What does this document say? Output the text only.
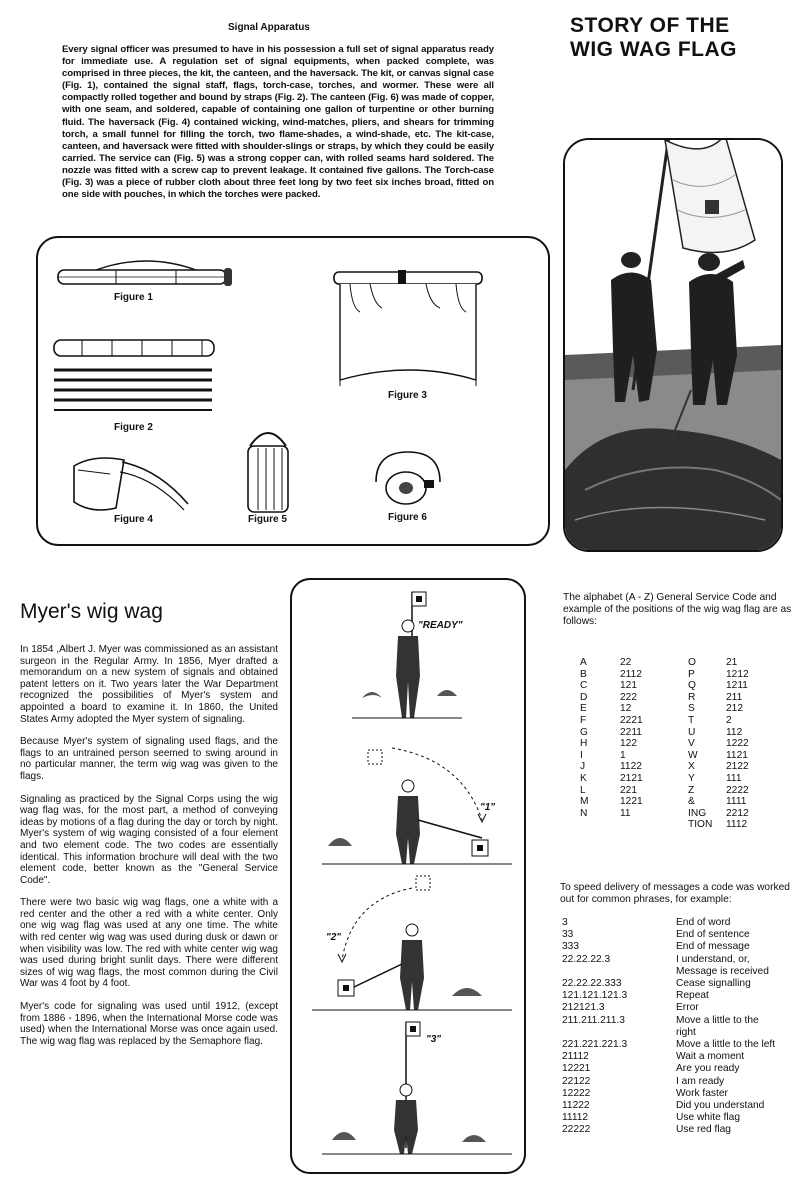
Signal Apparatus
Every signal officer was presumed to have in his possession a full set of signal apparatus ready for immediate use. A regulation set of signal equipments, when packed complete, was comprised in three pieces, the kit, the canteen, and the haversack. The kit, or canvas signal case (Fig. 1), contained the signal staff, flags, torch-case, torches, and wormer. These were all compactly rolled together and bound by straps (Fig. 2). The canteen (Fig. 6) was made of copper, with one seam, and soldered, capable of containing one gallon of turpentine or other burning fluid. The haversack (Fig. 4) contained wicking, wind-matches, pliers, and shears for trimming torch, a small funnel for filling the torch, two flame-shades, a wind-shade, etc. The kit-case, canteen, and haversack were fitted with shoulder-slings or straps, by which they could be easily carried. The service can (Fig. 5) was a strong copper can, with rolled seams hard soldered. The nozzle was fitted with a screw cap to prevent leakage. It contained five gallons. The Torch-case (Fig. 3) was a piece of rubber cloth about three feet long by two feet six inches broad, fitted on one side with pouches, in which the torches were packed.
STORY OF THE
WIG WAG FLAG
Figure 1
Figure 2
Figure 3
Figure 4	Figure 5	Figure 6
Myer's wig wag

In 1854 ,Albert J. Myer was commissioned as an assistant surgeon in the Regular Army. In 1856, Myer drafted a memorandum on a new system of signals and obtained patent letters on it. Two years later the War Department recognized the possibilities of Myer's system and appointed a board to examine it. In 1860, the United States Army adopted the Myer system of signaling.

Because Myer's system of signaling used flags, and the flags to an untrained person seemed to swing around in no particular manner, the term wig wag was given to the flags.

Signaling as practiced by the Signal Corps using the wig wag flag was, for the most part, a method of conveying ideas by motions of a flag during the day or torch by night. Myer's system of wig waging consisted of a four element and two element code. The two codes are essentially identical. This information brochure will deal with the two element code, better known as the "General Service Code".

There were two basic wig wag flags, one a white with a red center and the other a red with a white center. Only one wig wag flag was used at any one time. The white with red center wig wag was used during dusk or dawn or when visibility was low. The red with white center wig wag was used during bright sunlit days. There were different sizes of wig wag flags, the most common during the Civil War was 4 foot by 4 foot.

Myer's code for signaling was used until 1912, (except from 1886 - 1896, when the International Morse code was used) when the International Morse was once again used. The wig wag flag was replaced by the Semaphore flag.

"READY"
"1"
"2"
"3"
The alphabet (A - Z) General Service Code and example of the positions of the wig wag flag are as follows:
A	22
B	2112
C	121
D	222
E	12
F	2221
G	2211
H	122
I	1
J	1122
K	2121
L	221
M	1221
N	11
O	21
P	1212
Q	1211
R	211
S	212
T	2
U	112
V	1222
W	1121
X	2122
Y	111
Z	2222
&	1111
ING 2212
TION 1112
To speed delivery of messages a code was worked out for common phrases, for example:
3	End of word
33	End of sentence
333	End of message
22.22.22.3	I understand, or,
Message is received
22.22.22.333	Cease signalling
121.121.121.3	Repeat
212121.3	Error
211.211.211.3	Move a little to the
right
221.221.221.3	Move a little to the left
21112	Wait a moment
12221	Are you ready
22122	I am ready
12222	Work faster
11222	Did you understand
11112	Use white flag
22222	Use red flag
